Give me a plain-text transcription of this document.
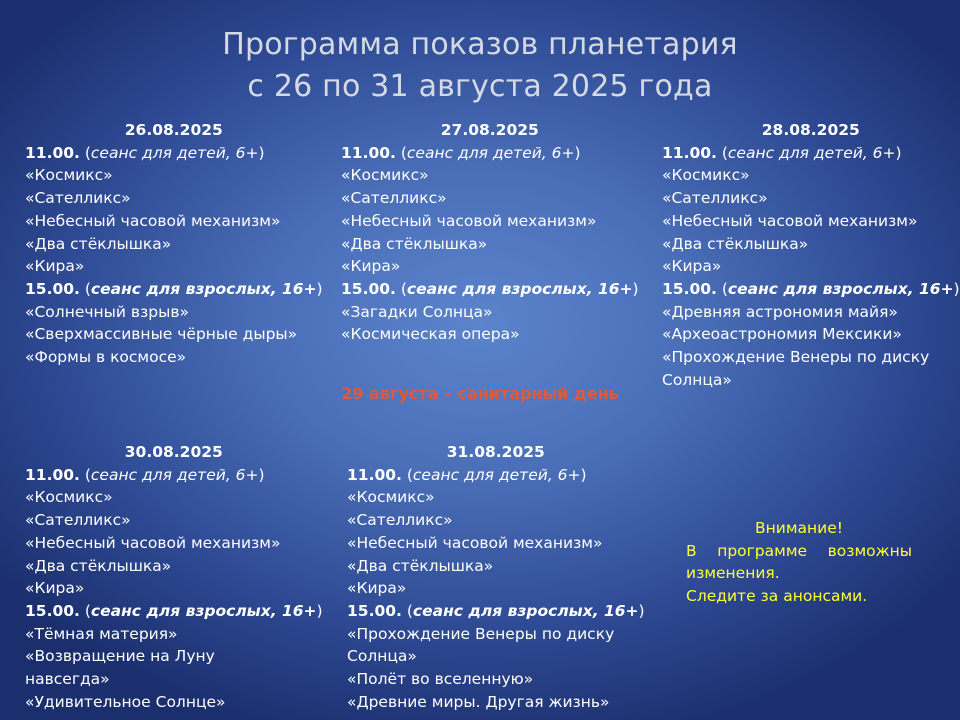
Программа показов планетария
с 26 по 31 августа 2025 года
26.08.2025
11.00. (сеанс для детей, 6+)
«Космикс»
«Сателликс»
«Небесный часовой механизм»
«Два стёклышка»
«Кира»
15.00. (сеанс для взрослых, 16+)
«Солнечный взрыв»
«Сверхмассивные чёрные дыры»
«Формы в космосе»
27.08.2025
11.00. (сеанс для детей, 6+)
«Космикс»
«Сателликс»
«Небесный часовой механизм»
«Два стёклышка»
«Кира»
15.00. (сеанс для взрослых, 16+)
«Загадки Солнца»
«Космическая опера»
28.08.2025
11.00. (сеанс для детей, 6+)
«Космикс»
«Сателликс»
«Небесный часовой механизм»
«Два стёклышка»
«Кира»
15.00. (сеанс для взрослых, 16+)
«Древняя астрономия майя»
«Археоастрономия Мексики»
«Прохождение Венеры по диску
Солнца»
30.08.2025
11.00. (сеанс для детей, 6+)
«Космикс»
«Сателликс»
«Небесный часовой механизм»
«Два стёклышка»
«Кира»
15.00. (сеанс для взрослых, 16+)
«Тёмная материя»
«Возвращение на Луну
навсегда»
«Удивительное Солнце»
31.08.2025
11.00. (сеанс для детей, 6+)
«Космикс»
«Сателликс»
«Небесный часовой механизм»
«Два стёклышка»
«Кира»
15.00. (сеанс для взрослых, 16+)
«Прохождение Венеры по диску
Солнца»
«Полёт во вселенную»
«Древние миры. Другая жизнь»
29 августа – санитарный день
Внимание!
В программе возможны изменения.
Следите за анонсами.
